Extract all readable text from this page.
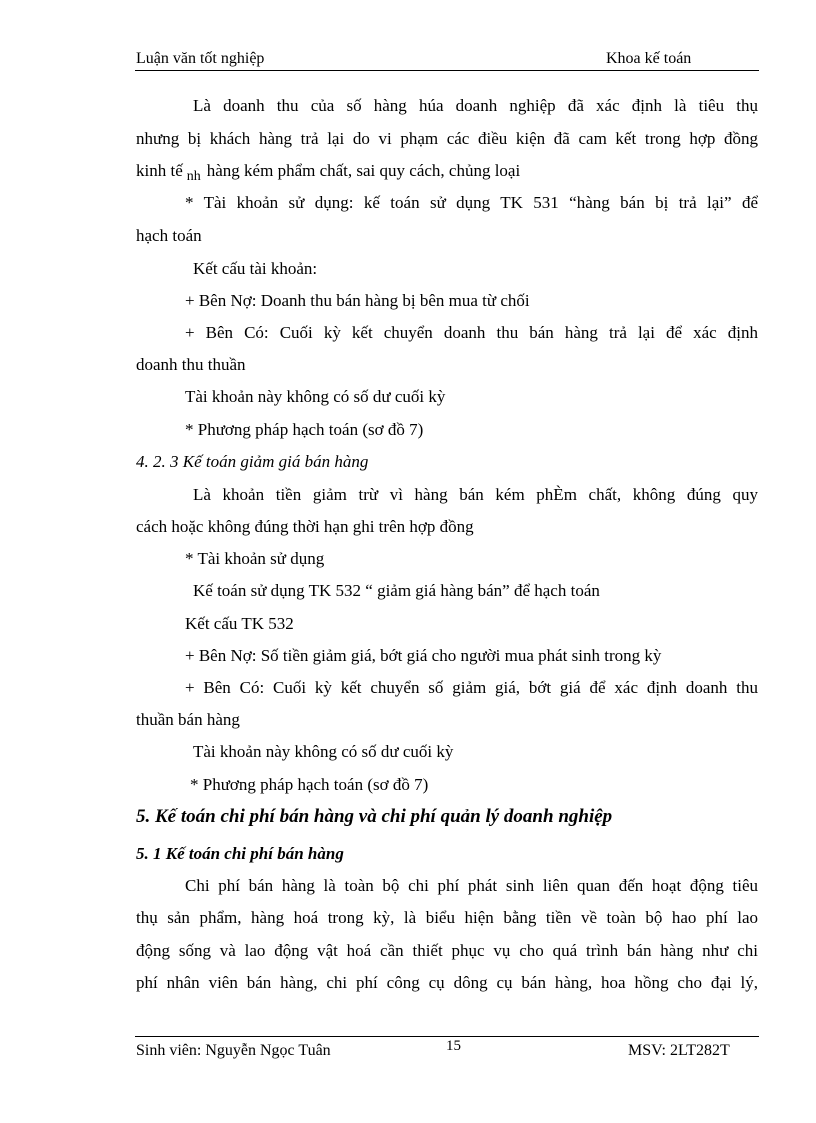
Luận văn tốt nghiệp	Khoa kế toán
Là doanh thu của số hàng húa doanh nghiệp đã xác định là tiêu thụ
nhưng bị khách hàng trả lại do vi phạm các điều kiện đã cam kết trong hợp đồng
kinh tế $_{nh}$ hàng kém phẩm chất, sai quy cách, chủng loại
* Tài khoản sử dụng: kế toán sử dụng TK 531 “hàng bán bị trả lại” để
hạch toán
Kết cấu tài khoản:
+ Bên Nợ: Doanh thu bán hàng bị bên mua từ chối
+ Bên Có: Cuối kỳ kết chuyển doanh thu bán hàng trả lại để xác định
doanh thu thuần
Tài khoản này không có số dư cuối kỳ
* Phương pháp hạch toán (sơ đồ 7)
4. 2. 3 Kế toán giảm giá bán hàng
Là khoản tiền giảm trừ vì hàng bán kém phÈm chất, không đúng quy
cách hoặc không đúng thời hạn ghi trên hợp đồng
* Tài khoản sử dụng
Kế toán sử dụng TK 532 “ giảm giá hàng bán” để hạch toán
Kết cấu TK 532
+ Bên Nợ: Số tiền giảm giá, bớt giá cho người mua phát sinh trong kỳ
+ Bên Có: Cuối kỳ kết chuyển số giảm giá, bớt giá để xác định doanh thu
thuần bán hàng
Tài khoản này không có số dư cuối kỳ
* Phương pháp hạch toán (sơ đồ 7)
5. Kế toán chi phí bán hàng và chi phí quản lý doanh nghiệp
5. 1 Kế toán chi phí bán hàng
Chi phí bán hàng là toàn bộ chi phí phát sinh liên quan đến hoạt động tiêu
thụ sản phẩm, hàng hoá trong kỳ, là biểu hiện bằng tiền về toàn bộ hao phí lao
động sống và lao động vật hoá cần thiết phục vụ cho quá trình bán hàng như chi
phí nhân viên bán hàng, chi phí công cụ dông cụ bán hàng, hoa hồng cho đại lý,
Sinh viên: Nguyễn Ngọc Tuân	15	MSV: 2LT282T
